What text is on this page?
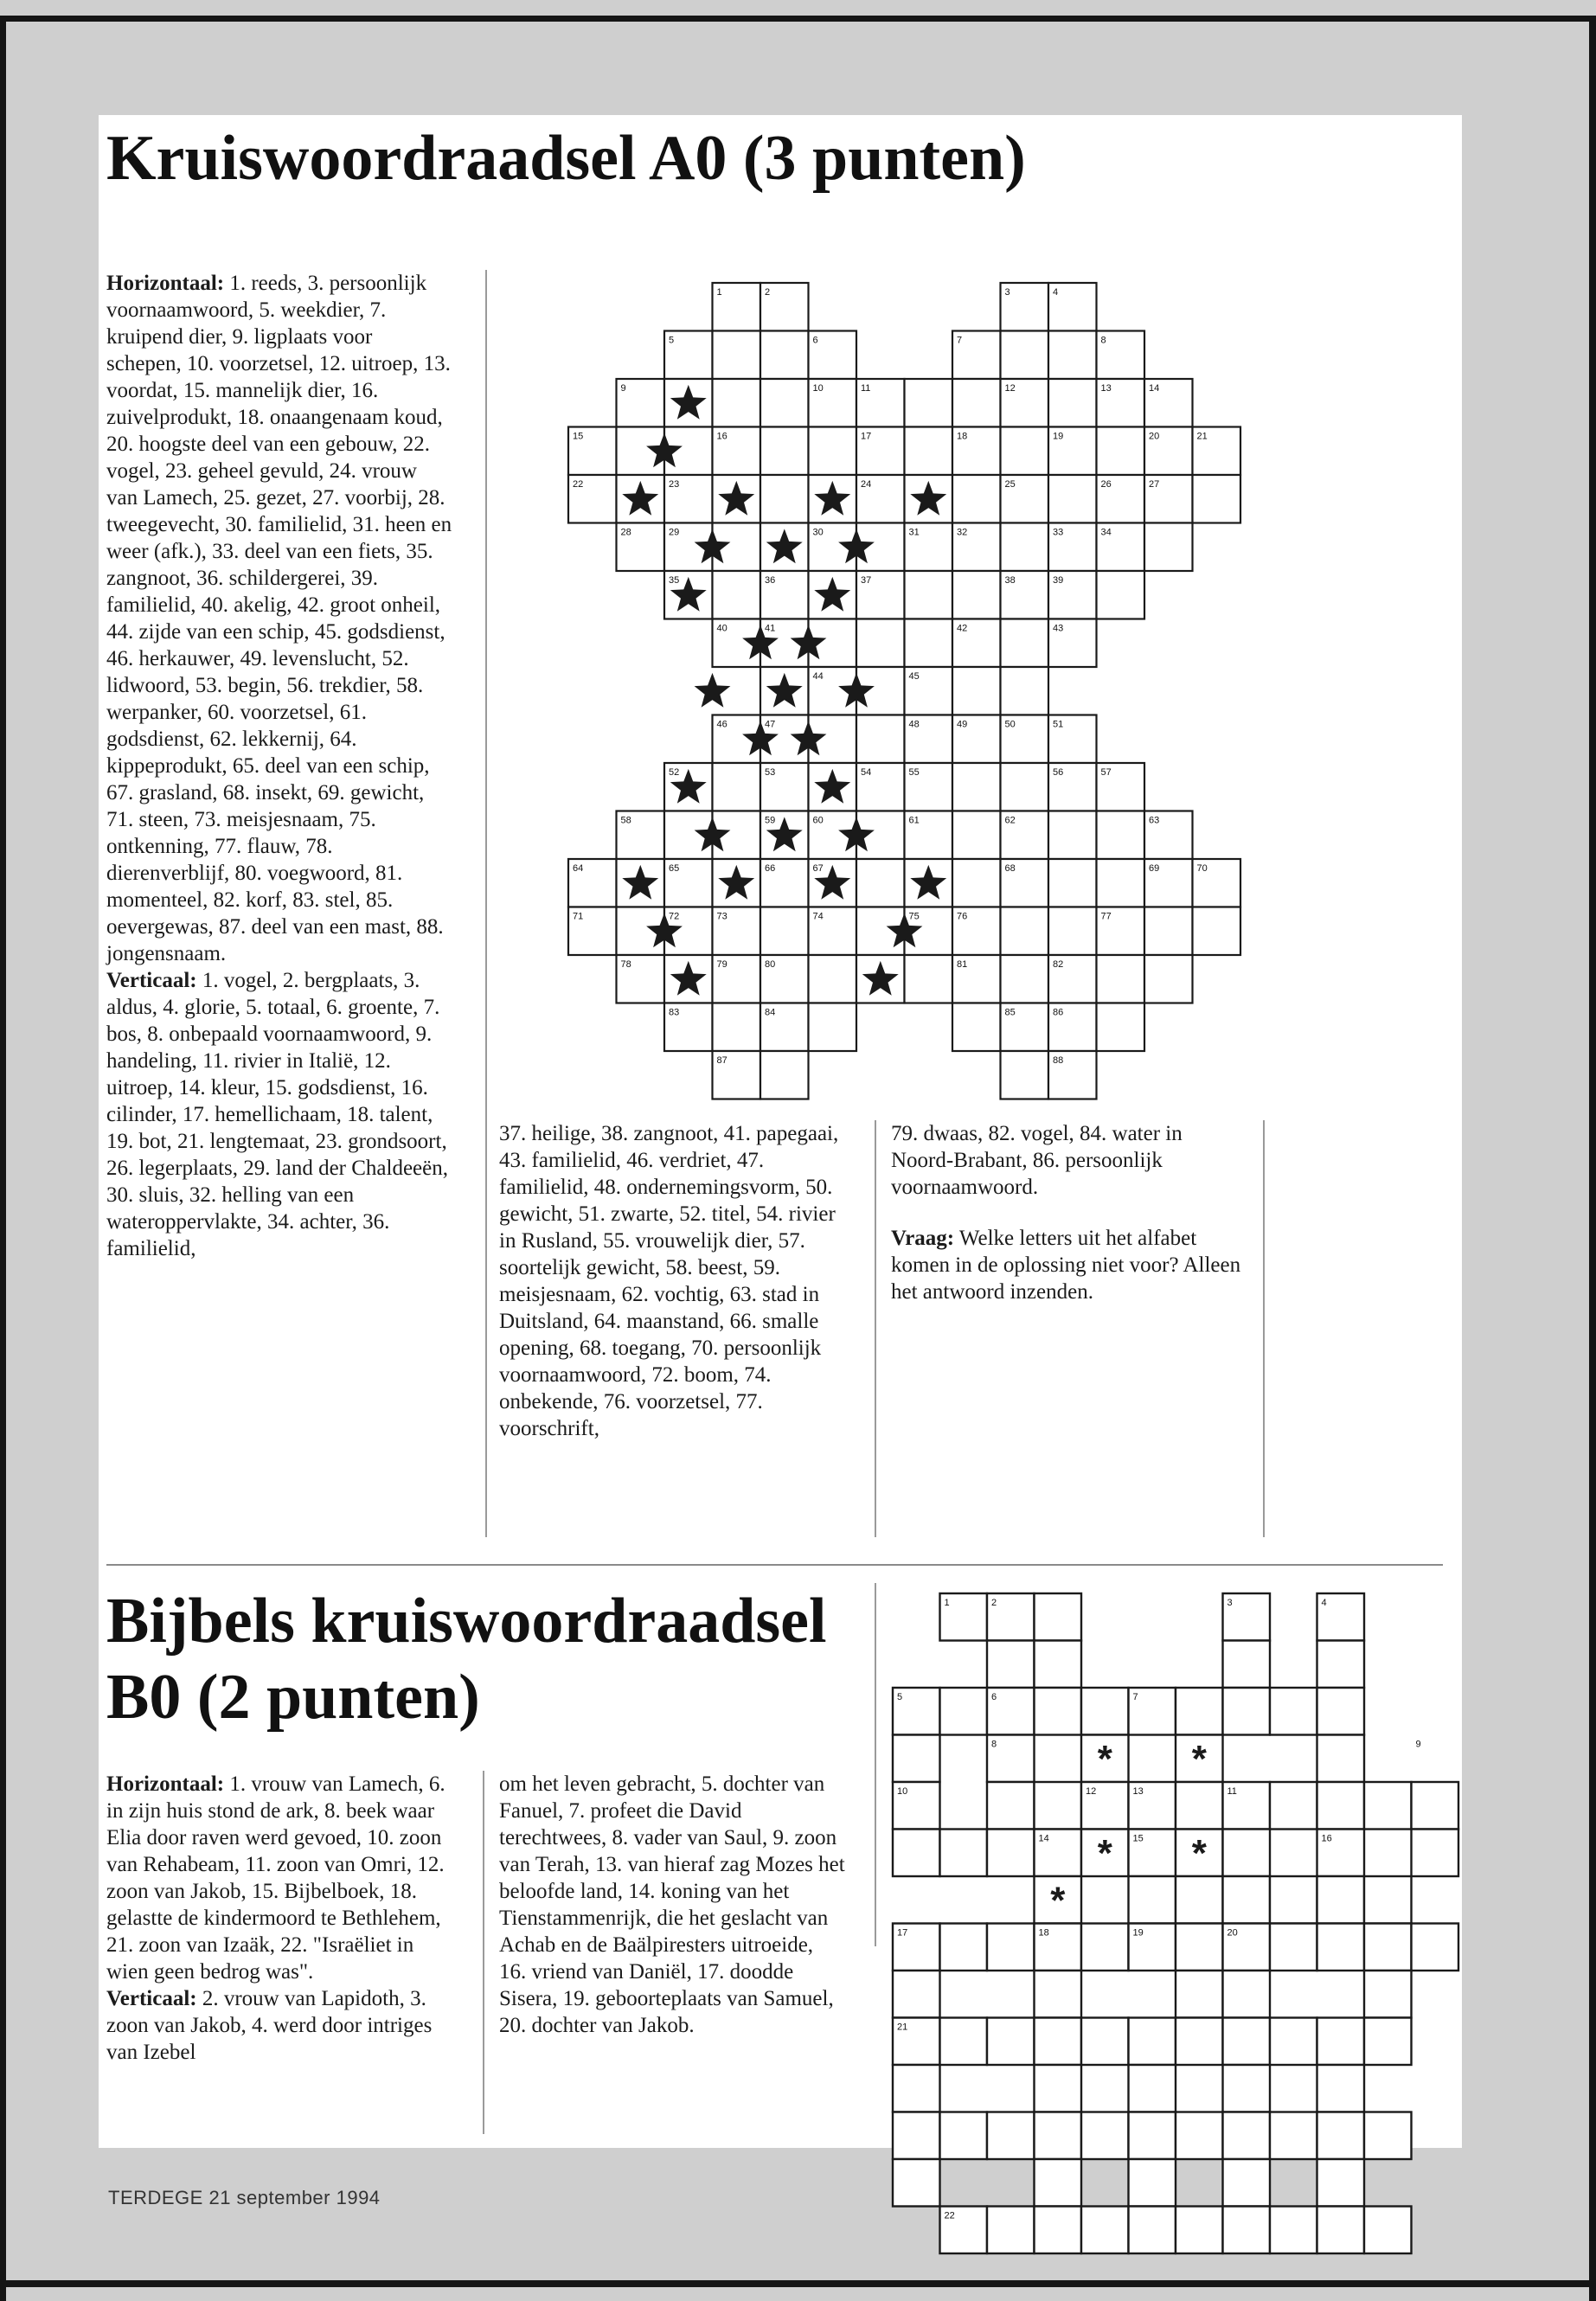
Kruiswoordraadsel A0 (3 punten)

Horizontaal: 1. reeds, 3. persoonlijk voornaamwoord, 5. weekdier, 7. kruipend dier, 9. ligplaats voor schepen, 10. voorzetsel, 12. uitroep, 13. voordat, 15. mannelijk dier, 16. zuivelprodukt, 18. onaangenaam koud, 20. hoogste deel van een gebouw, 22. vogel, 23. geheel gevuld, 24. vrouw van Lamech, 25. gezet, 27. voorbij, 28. tweegevecht, 30. familielid, 31. heen en weer (afk.), 33. deel van een fiets, 35. zangnoot, 36. schildergerei, 39. familielid, 40. akelig, 42. groot onheil, 44. zijde van een schip, 45. godsdienst, 46. herkauwer, 49. levenslucht, 52. lidwoord, 53. begin, 56. trekdier, 58. werpanker, 60. voorzetsel, 61. godsdienst, 62. lekkernij, 64. kippeprodukt, 65. deel van een schip, 67. grasland, 68. insekt, 69. gewicht, 71. steen, 73. meisjesnaam, 75. ontkenning, 77. flauw, 78. dierenverblijf, 80. voegwoord, 81. momenteel, 82. korf, 83. stel, 85. oevergewas, 87. deel van een mast, 88. jongensnaam.

Verticaal: 1. vogel, 2. bergplaats, 3. aldus, 4. glorie, 5. totaal, 6. groente, 7. bos, 8. onbepaald voornaamwoord, 9. handeling, 11. rivier in Italië, 12. uitroep, 14. kleur, 15. godsdienst, 16. cilinder, 17. hemellichaam, 18. talent, 19. bot, 21. lengtemaat, 23. grondsoort, 26. legerplaats, 29. land der Chaldeeën, 30. sluis, 32. helling van een wateroppervlakte, 34. achter, 36. familielid,

37. heilige, 38. zangnoot, 41. papegaai, 43. familielid, 46. verdriet, 47. familielid, 48. ondernemingsvorm, 50. gewicht, 51. zwarte, 52. titel, 54. rivier in Rusland, 55. vrouwelijk dier, 57. soortelijk gewicht, 58. beest, 59. meisjesnaam, 62. vochtig, 63. stad in Duitsland, 64. maanstand, 66. smalle opening, 68. toegang, 70. persoonlijk voornaamwoord, 72. boom, 74. onbekende, 76. voorzetsel, 77. voorschrift,

79. dwaas, 82. vogel, 84. water in Noord-Brabant, 86. persoonlijk voornaamwoord.

Vraag: Welke letters uit het alfabet komen in de oplossing niet voor? Alleen het antwoord inzenden.

1	2	3	4
5	6	7	8
9	10	11	12	13	14
15	16	17	18	19	20	21
22	23	24	25	26	27
28	29	30	31	32	33	34
35	36	37	38	39
40	41	42	43
44	45
46	47	48	49	50	51
52	53	54	55	56	57
58	59	60	61	62	63
64	65	66	67	68	69	70
71	72	73	74	75	76	77
78	79	80	81	82
83	84	85	86
87	88
Bijbels kruiswoordraadsel
B0 (2 punten)

Horizontaal: 1. vrouw van Lamech, 6. in zijn huis stond de ark, 8. beek waar Elia door raven werd gevoed, 10. zoon van Rehabeam, 11. zoon van Omri, 12. zoon van Jakob, 15. Bijbelboek, 18. gelastte de kindermoord te Bethlehem, 21. zoon van Izaäk, 22. "Israëliet in wien geen bedrog was".

Verticaal: 2. vrouw van Lapidoth, 3. zoon van Jakob, 4. werd door intriges van Izebel

om het leven gebracht, 5. dochter van Fanuel, 7. profeet die David terechtwees, 8. vader van Saul, 9. zoon van Terah, 13. van hieraf zag Mozes het beloofde land, 14. koning van het Tienstammenrijk, die het geslacht van Achab en de Baälpiresters uitroeide, 16. vriend van Daniël, 17. doodde Sisera, 19. geboorteplaats van Samuel, 20. dochter van Jakob.

* *
* *
*
1	2	3	4
5	6	7
8	9
10	11
12	13
14	15	16
17	18	19	20
21
22
TERDEGE 21 september 1994
